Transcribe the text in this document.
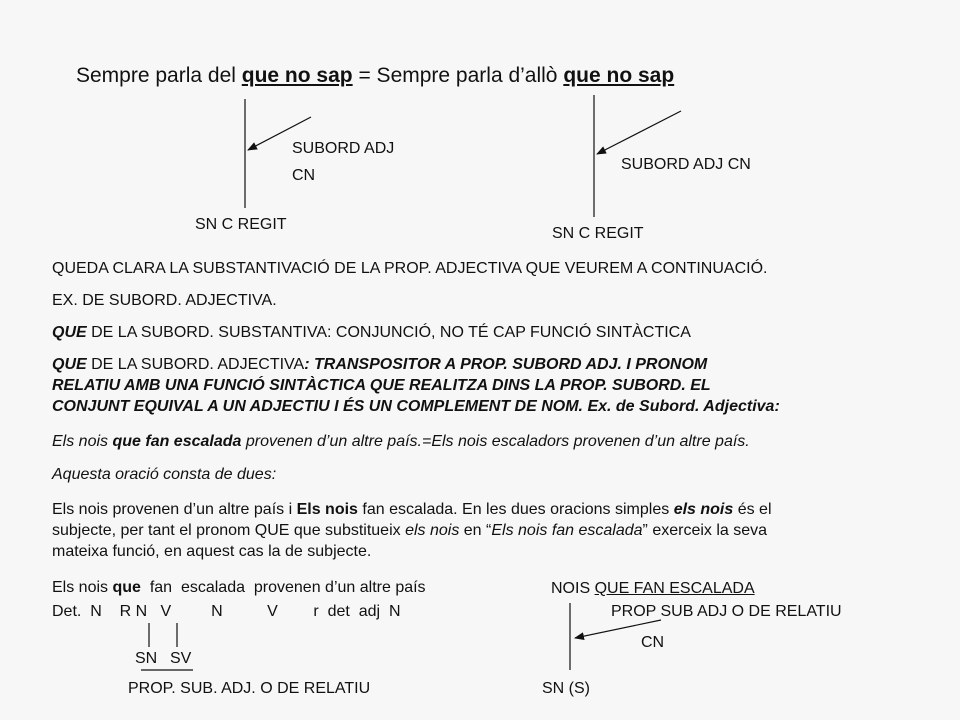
Sempre parla del que no sap = Sempre parla d’allò que no sap
SUBORD ADJ
CN
SN C REGIT
SUBORD ADJ CN
SN C REGIT
QUEDA CLARA LA SUBSTANTIVACIÓ DE LA PROP. ADJECTIVA QUE VEUREM A CONTINUACIÓ.
EX. DE SUBORD. ADJECTIVA.
QUE DE LA SUBORD. SUBSTANTIVA: CONJUNCIÓ, NO TÉ CAP FUNCIÓ SINTÀCTICA
QUE DE LA SUBORD. ADJECTIVA: TRANSPOSITOR A PROP. SUBORD ADJ. I PRONOM
RELATIU AMB UNA FUNCIÓ SINTÀCTICA QUE REALITZA DINS LA PROP. SUBORD. EL
CONJUNT EQUIVAL A UN ADJECTIU I ÉS UN COMPLEMENT DE NOM. Ex. de Subord. Adjectiva:
Els nois que fan escalada provenen d’un altre país.=Els nois escaladors provenen d’un altre país.
Aquesta oració consta de dues:
Els nois provenen d’un altre país i Els nois fan escalada. En les dues oracions simples els nois és el
subjecte, per tant el pronom QUE que substitueix els nois en “Els nois fan escalada” exerceix la seva
mateixa funció, en aquest cas la de subjecte.
Els nois que  fan  escalada  provenen d’un altre país
Det.  N    R N   V         N          V        r  det  adj  N
SN SV
PROP. SUB. ADJ. O DE RELATIU
NOIS QUE FAN ESCALADA
PROP SUB ADJ O DE RELATIU
CN
SN (S)
